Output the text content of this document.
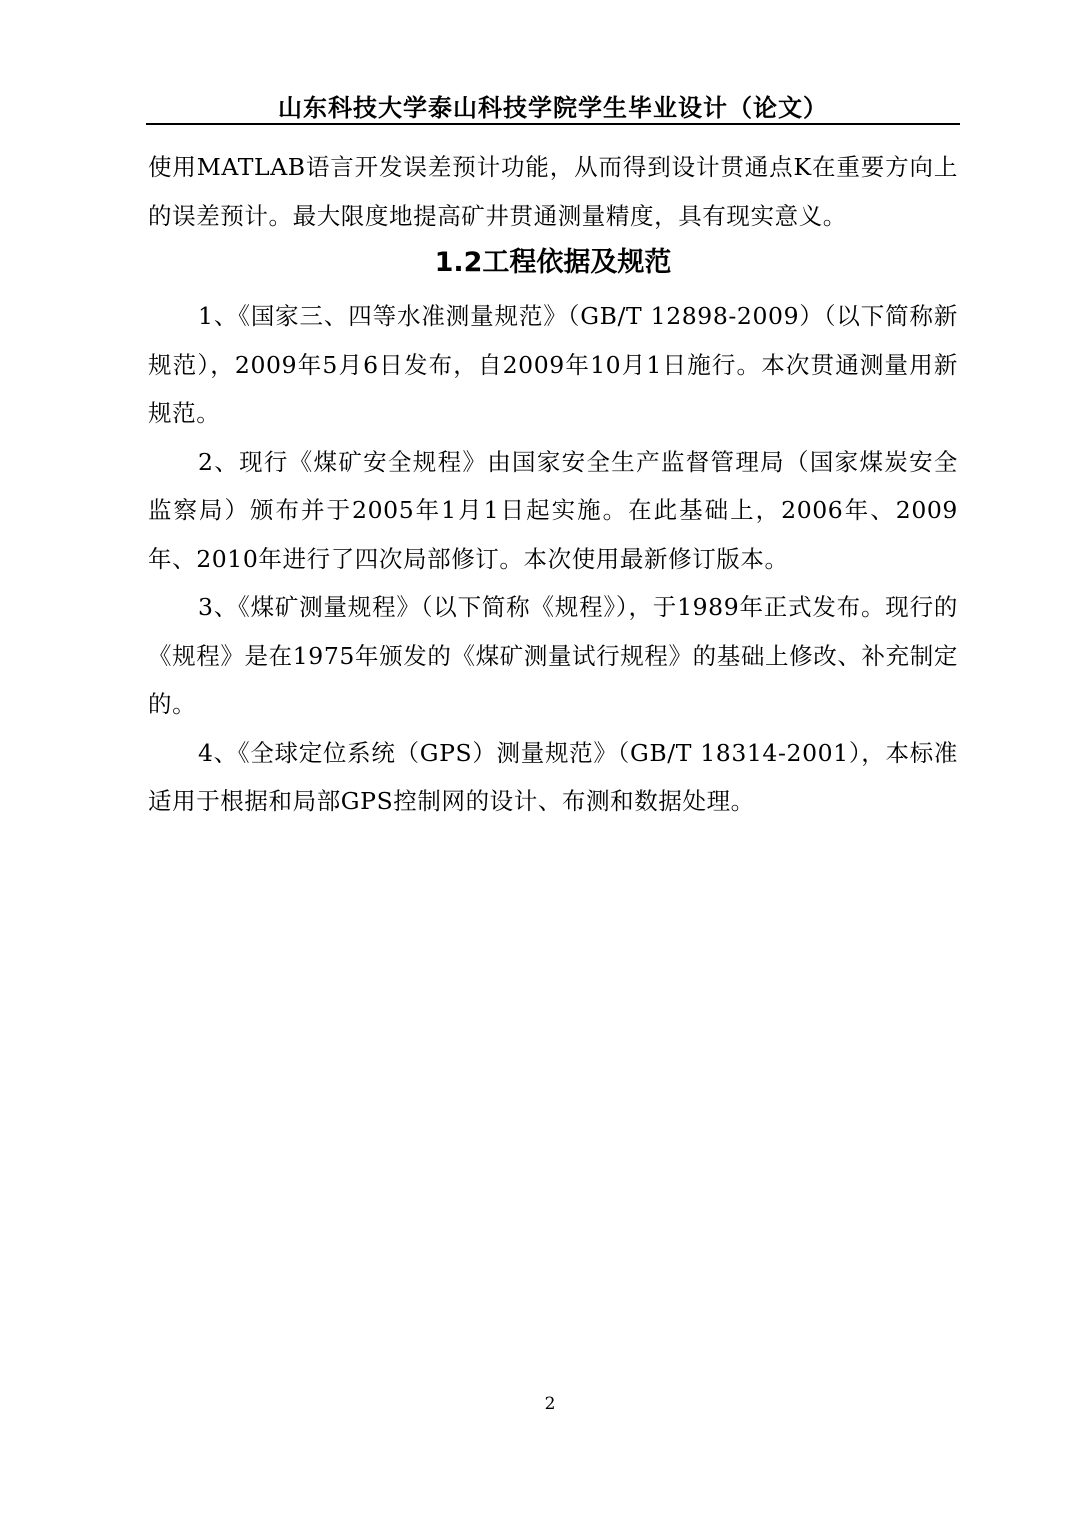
山东科技大学泰山科技学院学生毕业设计（论文）

使用MATLAB语言开发误差预计功能，从而得到设计贯通点K在重要方向上的误差预计。最大限度地提高矿井贯通测量精度，具有现实意义。

1.2工程依据及规范

1、《国家三、四等水准测量规范》（GB/T 12898-2009）（以下简称新规范），2009年5月6日发布，自2009年10月1日施行。本次贯通测量用新规范。

2、现行《煤矿安全规程》由国家安全生产监督管理局（国家煤炭安全监察局）颁布并于2005年1月1日起实施。在此基础上，2006年、2009年、2010年进行了四次局部修订。本次使用最新修订版本。

3、《煤矿测量规程》（以下简称《规程》），于1989年正式发布。现行的《规程》是在1975年颁发的《煤矿测量试行规程》的基础上修改、补充制定的。

4、《全球定位系统（GPS）测量规范》（GB/T 18314-2001），本标准适用于根据和局部GPS控制网的设计、布测和数据处理。

2
